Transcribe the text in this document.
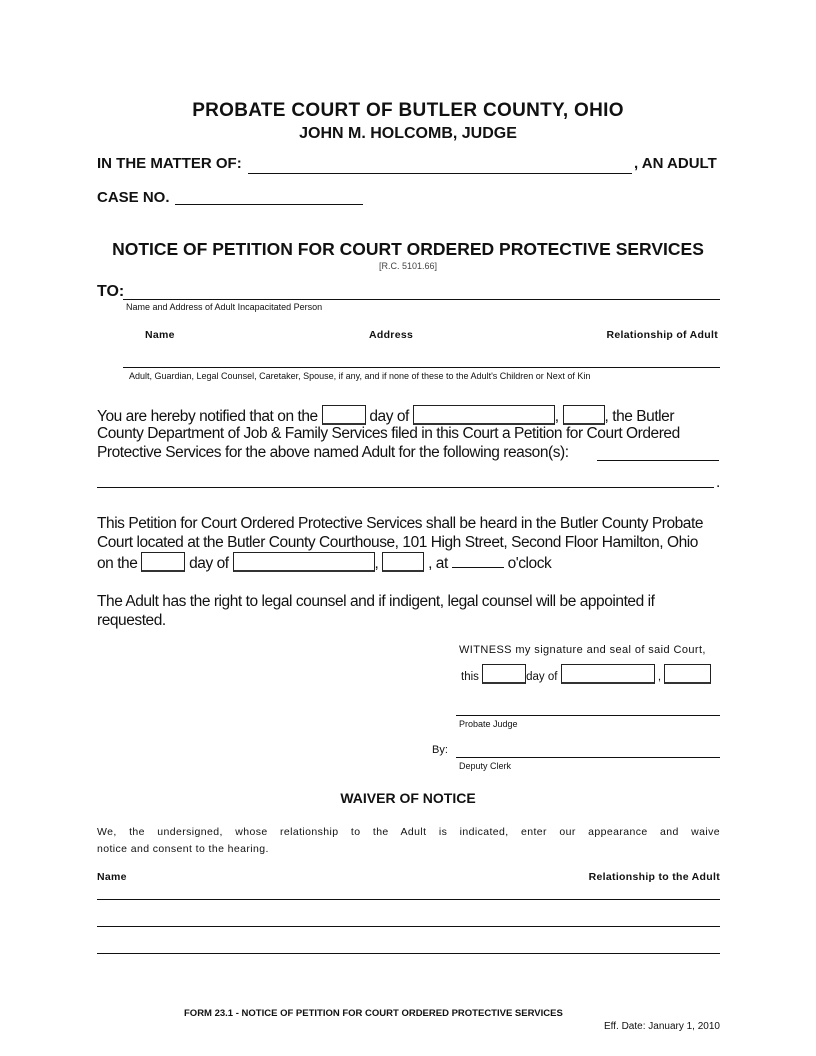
PROBATE COURT OF BUTLER COUNTY, OHIO
JOHN M. HOLCOMB, JUDGE
IN THE MATTER OF:	, AN ADULT
CASE NO.
NOTICE OF PETITION FOR COURT ORDERED PROTECTIVE SERVICES
[R.C. 5101.66]
TO:
Name and Address of Adult Incapacitated Person
Name	Address	Relationship of Adult
Adult, Guardian, Legal Counsel, Caretaker, Spouse, if any, and if none of these to the Adult's Children or Next of Kin
You are hereby notified that on the	day of	,	, the Butler
County Department of Job & Family Services filed in this Court a Petition for Court Ordered
Protective Services for the above named Adult for the following reason(s):
.
This Petition for Court Ordered Protective Services shall be heard in the Butler County Probate
Court located at the Butler County Courthouse, 101 High Street, Second Floor Hamilton, Ohio
on the	day of	,	, at	o'clock
The Adult has the right to legal counsel and if indigent, legal counsel will be appointed if
requested.
WITNESS my signature and seal of said Court,
this	day of	,
Probate Judge
By:
Deputy Clerk
WAIVER OF NOTICE
We, the undersigned, whose relationship to the Adult is indicated, enter our appearance and waive
notice and consent to the hearing.
Name	Relationship to the Adult
FORM 23.1 - NOTICE OF PETITION FOR COURT ORDERED PROTECTIVE SERVICES
Eff. Date: January 1, 2010
